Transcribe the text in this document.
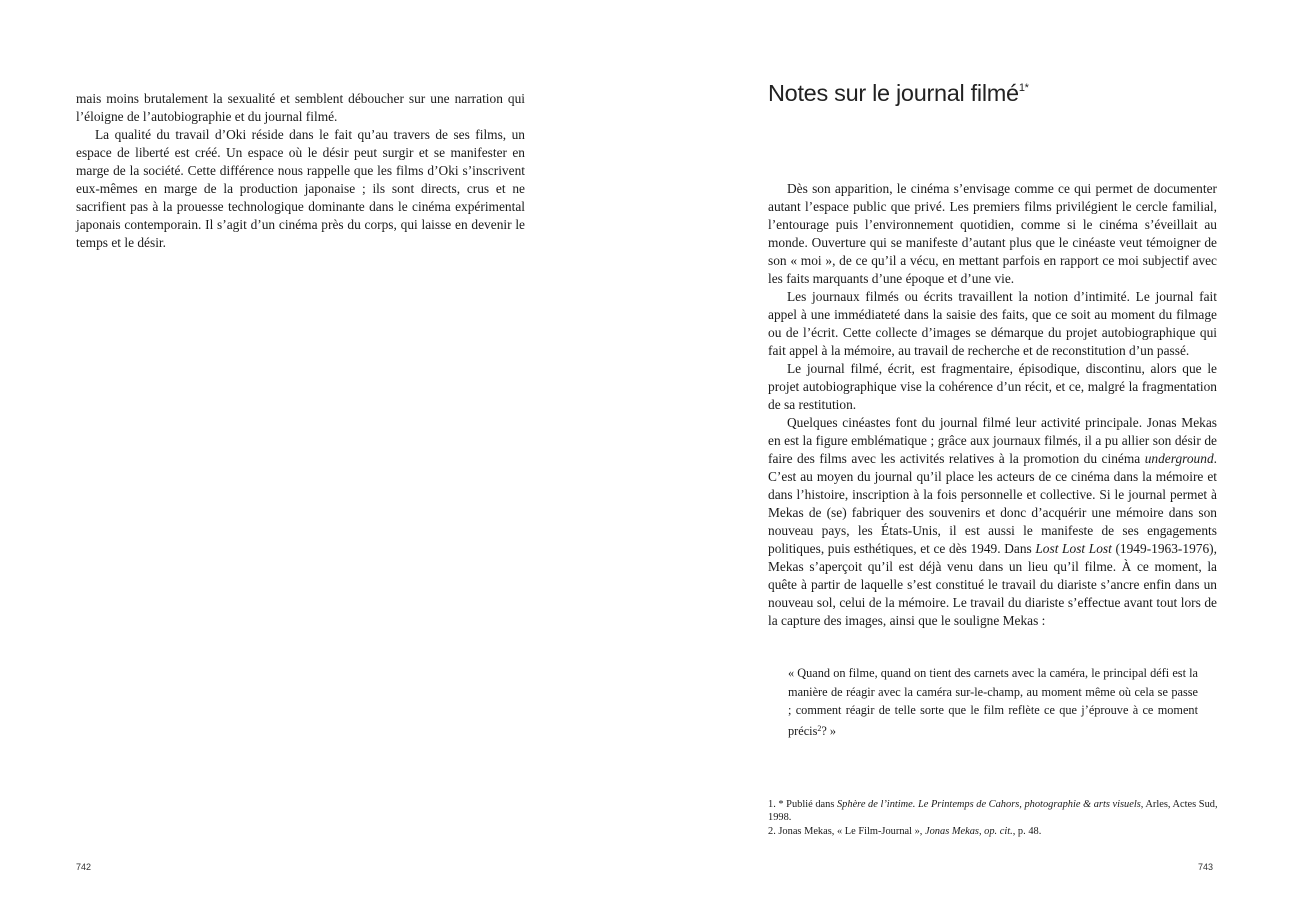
mais moins brutalement la sexualité et semblent déboucher sur une narration qui l’éloigne de l’autobiographie et du journal filmé.

La qualité du travail d’Oki réside dans le fait qu’au travers de ses films, un espace de liberté est créé. Un espace où le désir peut surgir et se manifester en marge de la société. Cette différence nous rappelle que les films d’Oki s’inscrivent eux-mêmes en marge de la production japonaise ; ils sont directs, crus et ne sacrifient pas à la prouesse technologique dominante dans le cinéma expérimental japonais contemporain. Il s’agit d’un cinéma près du corps, qui laisse en devenir le temps et le désir.

742
Notes sur le journal filmé$^{1*}$

Dès son apparition, le cinéma s’envisage comme ce qui permet de documenter autant l’espace public que privé. Les premiers films privilégient le cercle familial, l’entourage puis l’environnement quotidien, comme si le cinéma s’éveillait au monde. Ouverture qui se manifeste d’autant plus que le cinéaste veut témoigner de son « moi », de ce qu’il a vécu, en mettant parfois en rapport ce moi subjectif avec les faits marquants d’une époque et d’une vie.

Les journaux filmés ou écrits travaillent la notion d’intimité. Le journal fait appel à une immédiateté dans la saisie des faits, que ce soit au moment du filmage ou de l’écrit. Cette collecte d’images se démarque du projet autobiographique qui fait appel à la mémoire, au travail de recherche et de reconstitution d’un passé.

Le journal filmé, écrit, est fragmentaire, épisodique, discontinu, alors que le projet autobiographique vise la cohérence d’un récit, et ce, malgré la fragmentation de sa restitution.

Quelques cinéastes font du journal filmé leur activité principale. Jonas Mekas en est la figure emblématique ; grâce aux journaux filmés, il a pu allier son désir de faire des films avec les activités relatives à la promotion du cinéma underground. C’est au moyen du journal qu’il place les acteurs de ce cinéma dans la mémoire et dans l’histoire, inscription à la fois personnelle et collective. Si le journal permet à Mekas de (se) fabriquer des souvenirs et donc d’acquérir une mémoire dans son nouveau pays, les États-Unis, il est aussi le manifeste de ses engagements politiques, puis esthétiques, et ce dès 1949. Dans Lost Lost Lost (1949-1963-1976), Mekas s’aperçoit qu’il est déjà venu dans un lieu qu’il filme. À ce moment, la quête à partir de laquelle s’est constitué le travail du diariste s’ancre enfin dans un nouveau sol, celui de la mémoire. Le travail du diariste s’effectue avant tout lors de la capture des images, ainsi que le souligne Mekas :

« Quand on filme, quand on tient des carnets avec la caméra, le principal défi est la manière de réagir avec la caméra sur-le-champ, au moment même où cela se passe ; comment réagir de telle sorte que le film reflète ce que j’éprouve à ce moment précis$^2$? »

1. * Publié dans Sphère de l’intime. Le Printemps de Cahors, photographie & arts visuels, Arles, Actes Sud, 1998.

2. Jonas Mekas, « Le Film-Journal », Jonas Mekas, op. cit., p. 48.

743
